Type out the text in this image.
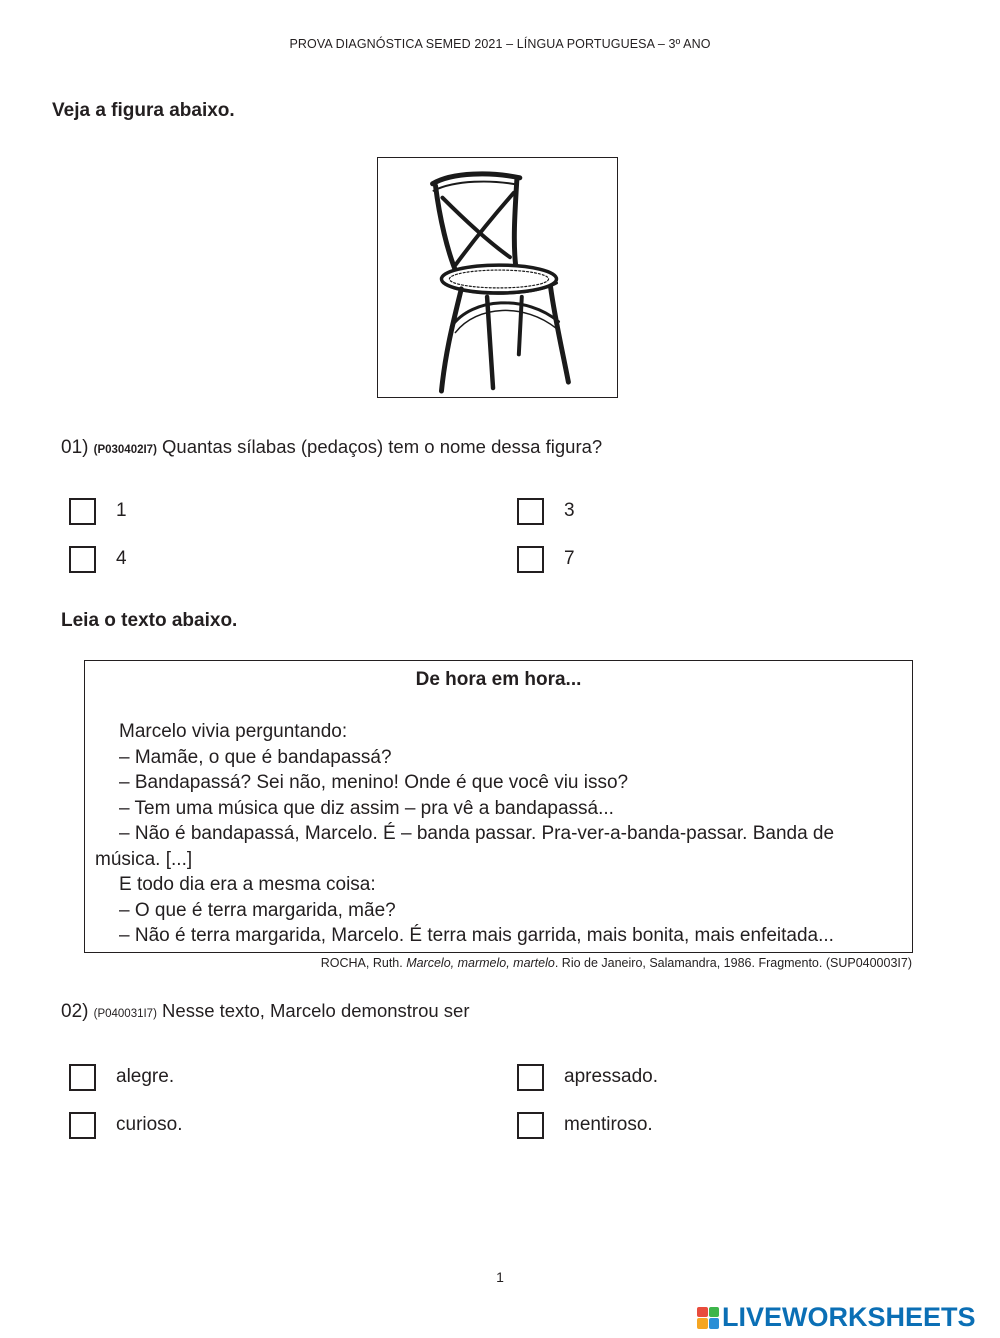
PROVA DIAGNÓSTICA SEMED 2021 – LÍNGUA PORTUGUESA – 3º ANO
Veja a figura abaixo.
01) (P030402I7) Quantas sílabas (pedaços) tem o nome dessa figura?
1	3
4	7
Leia o texto abaixo.
De hora em hora...
Marcelo vivia perguntando:
– Mamãe, o que é bandapassá?
– Bandapassá? Sei não, menino! Onde é que você viu isso?
– Tem uma música que diz assim – pra vê a bandapassá...
– Não é bandapassá, Marcelo. É – banda passar. Pra-ver-a-banda-passar. Banda de
música. [...]
E todo dia era a mesma coisa:
– O que é terra margarida, mãe?
– Não é terra margarida, Marcelo. É terra mais garrida, mais bonita, mais enfeitada...
ROCHA, Ruth. Marcelo, marmelo, martelo. Rio de Janeiro, Salamandra, 1986. Fragmento. (SUP040003I7)
02) (P040031I7) Nesse texto, Marcelo demonstrou ser
alegre.	apressado.
curioso.	mentiroso.
1
LIVEWORKSHEETS
